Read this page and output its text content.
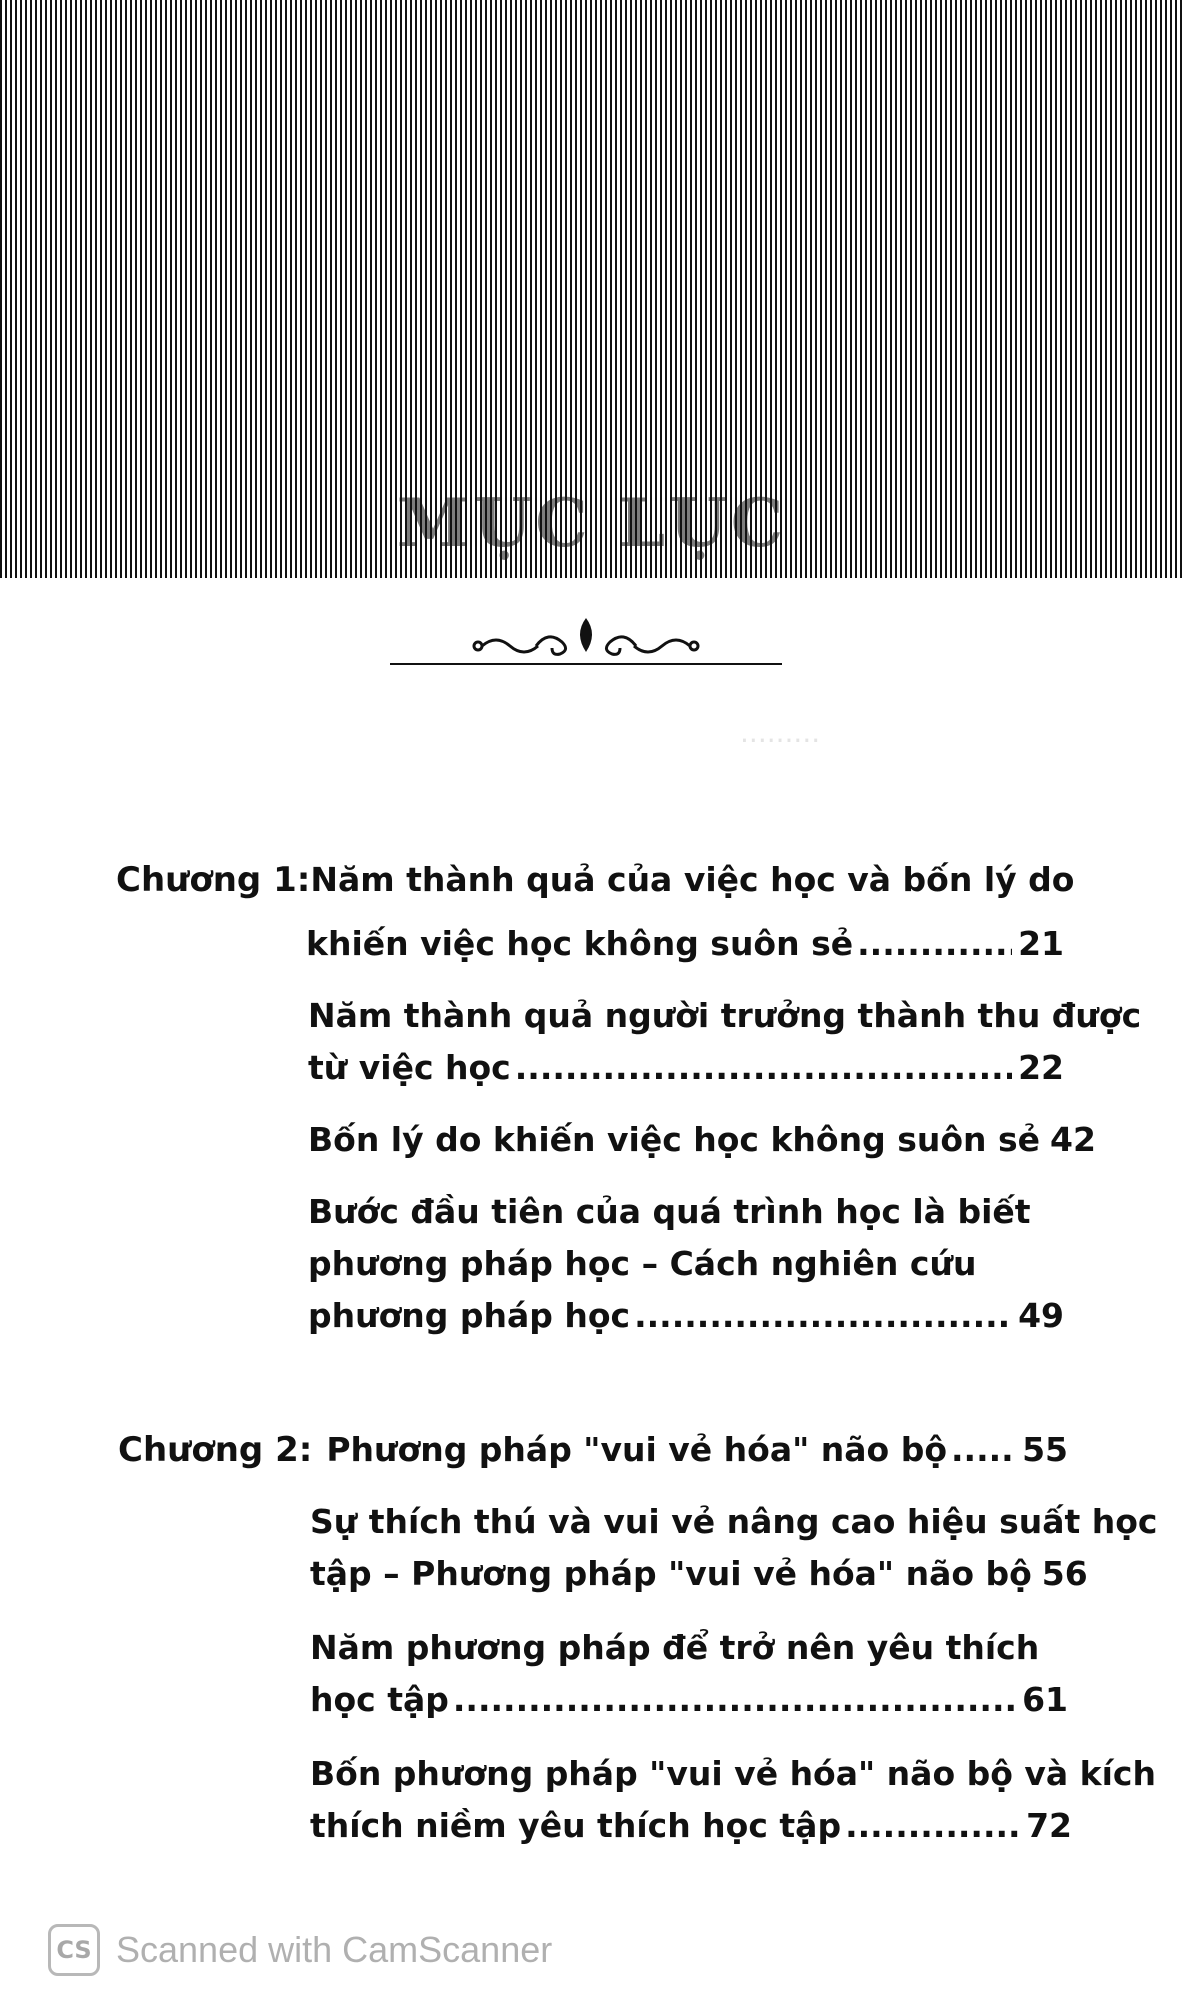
MỤC LỤC
.........
Chương 1: Năm thành quả của việc học và bốn lý do
khiến việc học không suôn sẻ .....	21
Năm thành quả người trưởng thành thu được
từ việc học .....	22
Bốn lý do khiến việc học không suôn sẻ 42
Bước đầu tiên của quá trình học là biết
phương pháp học – Cách nghiên cứu
phương pháp học .....	49
Chương 2: Phương pháp "vui vẻ hóa" não bộ ..... 55
Sự thích thú và vui vẻ nâng cao hiệu suất học
tập – Phương pháp "vui vẻ hóa" não bộ 56
Năm phương pháp để trở nên yêu thích
học tập .....	61
Bốn phương pháp "vui vẻ hóa" não bộ và kích
thích niềm yêu thích học tập .....	72
CS Scanned with CamScanner
